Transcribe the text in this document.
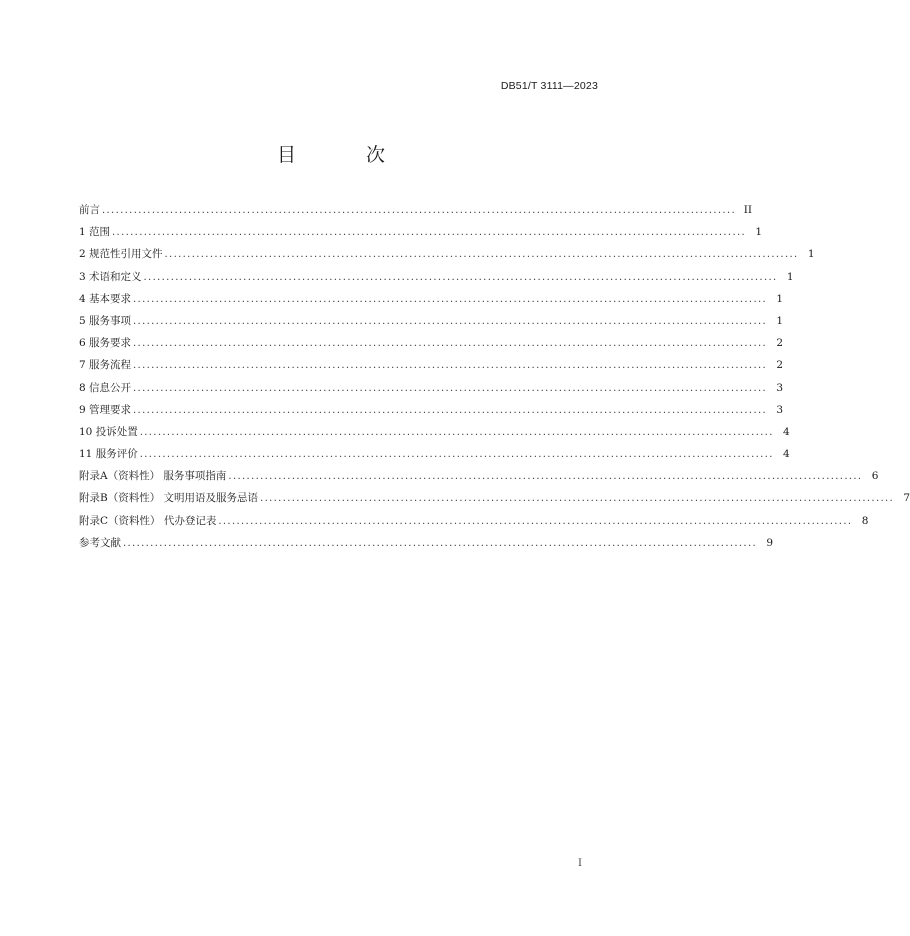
DB51/T 3111—2023
目 次
前言 ............................................................................................................................................ II
1 范围 ............................................................................................................................................ 1
2 规范性引用文件 ............................................................................................................................................ 1
3 术语和定义 ............................................................................................................................................ 1
4 基本要求 ............................................................................................................................................ 1
5 服务事项 ............................................................................................................................................ 1
6 服务要求 ............................................................................................................................................ 2
7 服务流程 ............................................................................................................................................ 2
8 信息公开 ............................................................................................................................................ 3
9 管理要求 ............................................................................................................................................ 3
10 投诉处置 ............................................................................................................................................ 4
11 服务评价 ............................................................................................................................................ 4
附录A（资料性） 服务事项指南 ............................................................................................................................................ 6
附录B（资料性） 文明用语及服务忌语 ............................................................................................................................................ 7
附录C（资料性） 代办登记表 ............................................................................................................................................ 8
参考文献 ............................................................................................................................................ 9
I
